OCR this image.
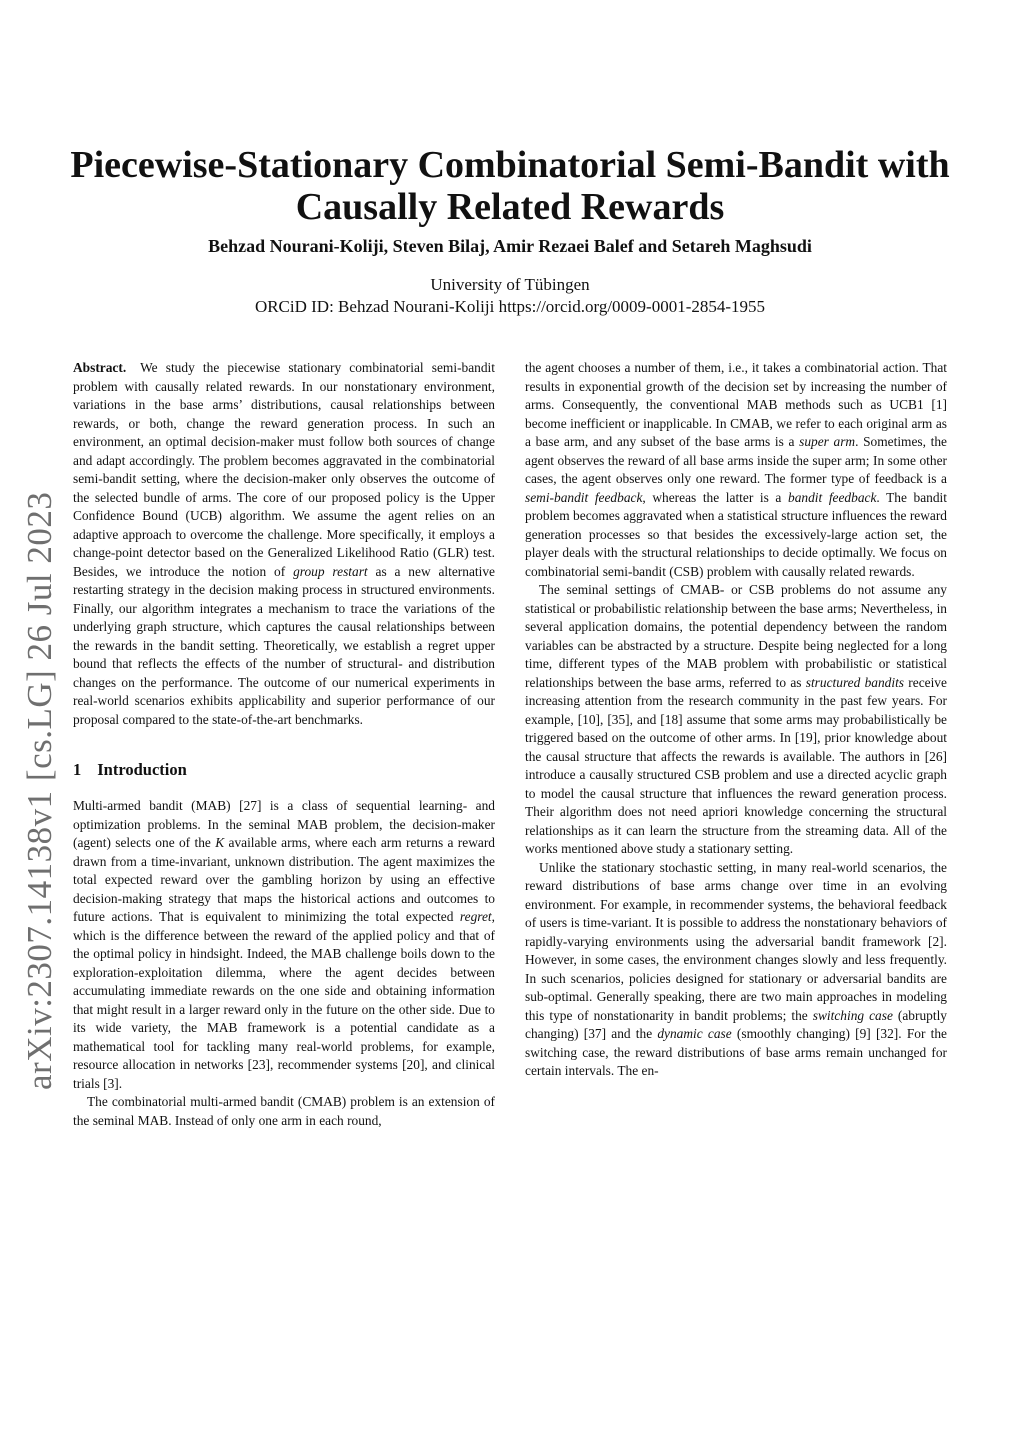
arXiv:2307.14138v1 [cs.LG] 26 Jul 2023
Piecewise-Stationary Combinatorial Semi-Bandit with
Causally Related Rewards
Behzad Nourani-Koliji, Steven Bilaj, Amir Rezaei Balef and Setareh Maghsudi
University of Tübingen
ORCiD ID: Behzad Nourani-Koliji https://orcid.org/0009-0001-2854-1955

Abstract. We study the piecewise stationary combinatorial semi-bandit problem with causally related rewards. In our nonstationary environment, variations in the base arms’ distributions, causal relationships between rewards, or both, change the reward generation process. In such an environment, an optimal decision-maker must follow both sources of change and adapt accordingly. The problem becomes aggravated in the combinatorial semi-bandit setting, where the decision-maker only observes the outcome of the selected bundle of arms. The core of our proposed policy is the Upper Confidence Bound (UCB) algorithm. We assume the agent relies on an adaptive approach to overcome the challenge. More specifically, it employs a change-point detector based on the Generalized Likelihood Ratio (GLR) test. Besides, we introduce the notion of group restart as a new alternative restarting strategy in the decision making process in structured environments. Finally, our algorithm integrates a mechanism to trace the variations of the underlying graph structure, which captures the causal relationships between the rewards in the bandit setting. Theoretically, we establish a regret upper bound that reflects the effects of the number of structural- and distribution changes on the performance. The outcome of our numerical experiments in real-world scenarios exhibits applicability and superior performance of our proposal compared to the state-of-the-art benchmarks.

1 Introduction

Multi-armed bandit (MAB) [27] is a class of sequential learning- and optimization problems. In the seminal MAB problem, the decision-maker (agent) selects one of the K available arms, where each arm returns a reward drawn from a time-invariant, unknown distribution. The agent maximizes the total expected reward over the gambling horizon by using an effective decision-making strategy that maps the historical actions and outcomes to future actions. That is equivalent to minimizing the total expected regret, which is the difference between the reward of the applied policy and that of the optimal policy in hindsight. Indeed, the MAB challenge boils down to the exploration-exploitation dilemma, where the agent decides between accumulating immediate rewards on the one side and obtaining information that might result in a larger reward only in the future on the other side. Due to its wide variety, the MAB framework is a potential candidate as a mathematical tool for tackling many real-world problems, for example, resource allocation in networks [23], recommender systems [20], and clinical trials [3].

The combinatorial multi-armed bandit (CMAB) problem is an extension of the seminal MAB. Instead of only one arm in each round,

the agent chooses a number of them, i.e., it takes a combinatorial action. That results in exponential growth of the decision set by increasing the number of arms. Consequently, the conventional MAB methods such as UCB1 [1] become inefficient or inapplicable. In CMAB, we refer to each original arm as a base arm, and any subset of the base arms is a super arm. Sometimes, the agent observes the reward of all base arms inside the super arm; In some other cases, the agent observes only one reward. The former type of feedback is a semi-bandit feedback, whereas the latter is a bandit feedback. The bandit problem becomes aggravated when a statistical structure influences the reward generation processes so that besides the excessively-large action set, the player deals with the structural relationships to decide optimally. We focus on combinatorial semi-bandit (CSB) problem with causally related rewards.

The seminal settings of CMAB- or CSB problems do not assume any statistical or probabilistic relationship between the base arms; Nevertheless, in several application domains, the potential dependency between the random variables can be abstracted by a structure. Despite being neglected for a long time, different types of the MAB problem with probabilistic or statistical relationships between the base arms, referred to as structured bandits receive increasing attention from the research community in the past few years. For example, [10], [35], and [18] assume that some arms may probabilistically be triggered based on the outcome of other arms. In [19], prior knowledge about the causal structure that affects the rewards is available. The authors in [26] introduce a causally structured CSB problem and use a directed acyclic graph to model the causal structure that influences the reward generation process. Their algorithm does not need apriori knowledge concerning the structural relationships as it can learn the structure from the streaming data. All of the works mentioned above study a stationary setting.

Unlike the stationary stochastic setting, in many real-world scenarios, the reward distributions of base arms change over time in an evolving environment. For example, in recommender systems, the behavioral feedback of users is time-variant. It is possible to address the nonstationary behaviors of rapidly-varying environments using the adversarial bandit framework [2]. However, in some cases, the environment changes slowly and less frequently. In such scenarios, policies designed for stationary or adversarial bandits are sub-optimal. Generally speaking, there are two main approaches in modeling this type of nonstationarity in bandit problems; the switching case (abruptly changing) [37] and the dynamic case (smoothly changing) [9] [32]. For the switching case, the reward distributions of base arms remain unchanged for certain intervals. The en-
